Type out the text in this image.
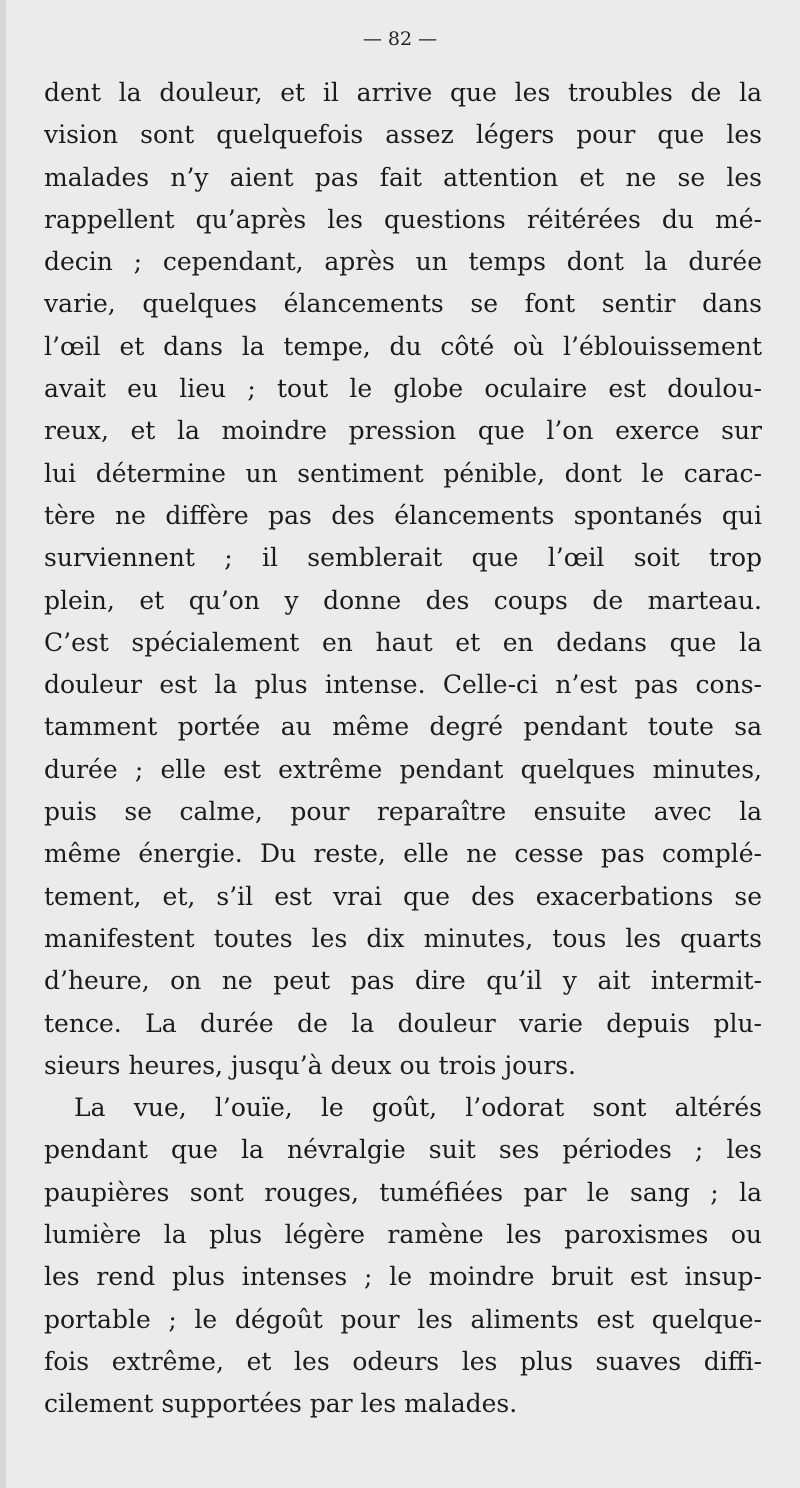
— 82 —

dent la douleur, et il arrive que les troubles de la
vision sont quelquefois assez légers pour que les
malades n’y aient pas fait attention et ne se les
rappellent qu’après les questions réitérées du mé-
decin ; cependant, après un temps dont la durée
varie, quelques élancements se font sentir dans
l’œil et dans la tempe, du côté où l’éblouissement
avait eu lieu ; tout le globe oculaire est doulou-
reux, et la moindre pression que l’on exerce sur
lui détermine un sentiment pénible, dont le carac-
tère ne diffère pas des élancements spontanés qui
surviennent ; il semblerait que l’œil soit trop
plein, et qu’on y donne des coups de marteau.
C’est spécialement en haut et en dedans que la
douleur est la plus intense. Celle-ci n’est pas cons-
tamment portée au même degré pendant toute sa
durée ; elle est extrême pendant quelques minutes,
puis se calme, pour reparaître ensuite avec la
même énergie. Du reste, elle ne cesse pas complé-
tement, et, s’il est vrai que des exacerbations se
manifestent toutes les dix minutes, tous les quarts
d’heure, on ne peut pas dire qu’il y ait intermit-
tence. La durée de la douleur varie depuis plu-
sieurs heures, jusqu’à deux ou trois jours.

La vue, l’ouïe, le goût, l’odorat sont altérés
pendant que la névralgie suit ses périodes ; les
paupières sont rouges, tuméfiées par le sang ; la
lumière la plus légère ramène les paroxismes ou
les rend plus intenses ; le moindre bruit est insup-
portable ; le dégoût pour les aliments est quelque-
fois extrême, et les odeurs les plus suaves diffi-
cilement supportées par les malades.
